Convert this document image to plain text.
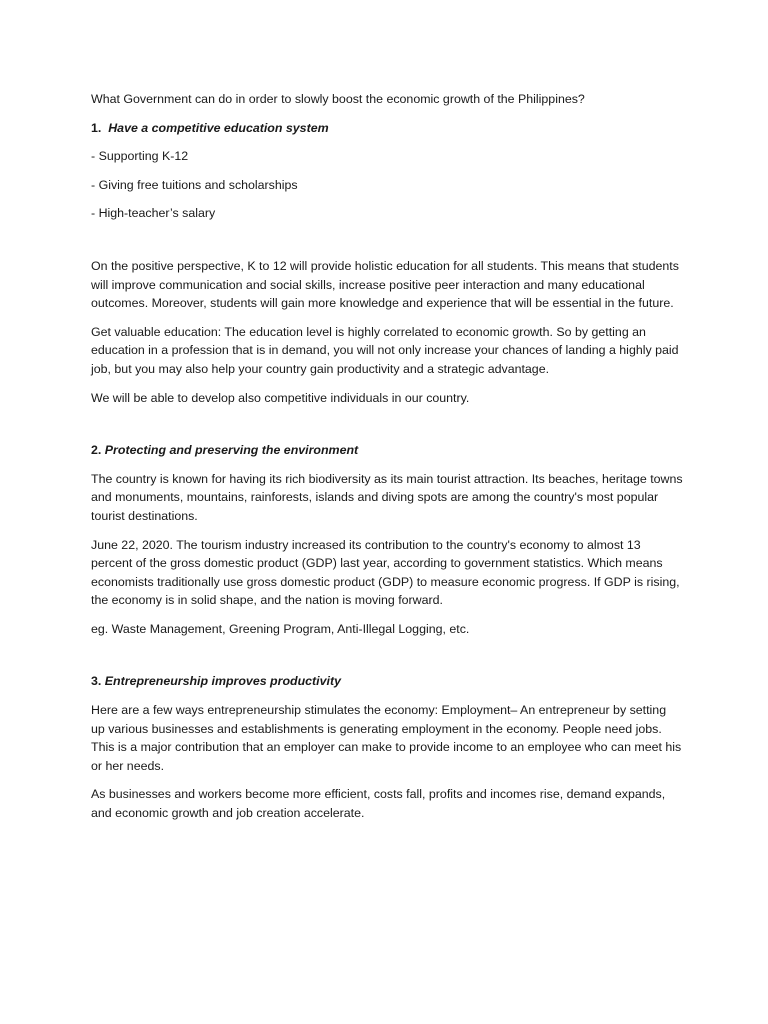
What Government can do in order to slowly boost the economic growth of the Philippines?

1. Have a competitive education system

- Supporting K-12

- Giving free tuitions and scholarships

- High-teacher’s salary

On the positive perspective, K to 12 will provide holistic education for all students. This means that students will improve communication and social skills, increase positive peer interaction and many educational outcomes. Moreover, students will gain more knowledge and experience that will be essential in the future.

Get valuable education: The education level is highly correlated to economic growth. So by getting an education in a profession that is in demand, you will not only increase your chances of landing a highly paid job, but you may also help your country gain productivity and a strategic advantage.

We will be able to develop also competitive individuals in our country.

2. Protecting and preserving the environment

The country is known for having its rich biodiversity as its main tourist attraction. Its beaches, heritage towns and monuments, mountains, rainforests, islands and diving spots are among the country's most popular tourist destinations.

June 22, 2020. The tourism industry increased its contribution to the country's economy to almost 13 percent of the gross domestic product (GDP) last year, according to government statistics. Which means economists traditionally use gross domestic product (GDP) to measure economic progress. If GDP is rising, the economy is in solid shape, and the nation is moving forward.

eg. Waste Management, Greening Program, Anti-Illegal Logging, etc.

3. Entrepreneurship improves productivity

Here are a few ways entrepreneurship stimulates the economy: Employment– An entrepreneur by setting up various businesses and establishments is generating employment in the economy. People need jobs. This is a major contribution that an employer can make to provide income to an employee who can meet his or her needs.

As businesses and workers become more efficient, costs fall, profits and incomes rise, demand expands, and economic growth and job creation accelerate.
